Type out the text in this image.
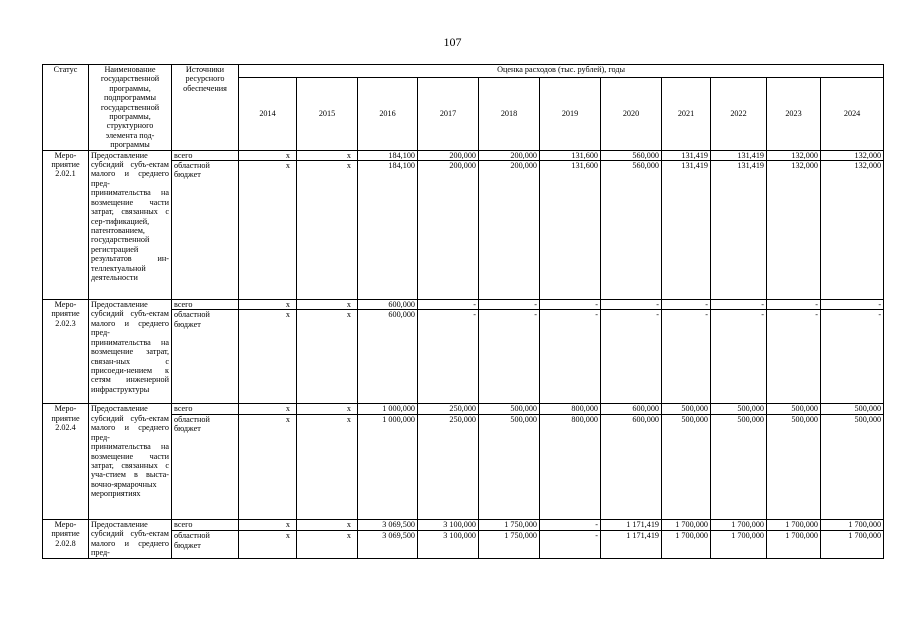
107
Статус	Наименование государственной программы, подпрограммы государственной программы, структурного элемента под-программы	Источники ресурсного обеспечения	Оценка расходов (тыс. рублей), годы										
			2014	2015	2016	2017	2018	2019	2020	2021	2022	2023	2024
Меро-приятие 2.02.1	Предоставление субсидий субъ-ектам малого и среднего пред-принимательства на возмещение части затрат, связанных с сер-тификацией, патентованием, государственной регистрацией результатов ин-теллектуальной деятельности	всего	x	x	184,100	200,000	200,000	131,600	560,000	131,419	131,419	132,000	132,000
		областной бюджет	x	x	184,100	200,000	200,000	131,600	560,000	131,419	131,419	132,000	132,000
Меро-приятие 2.02.3	Предоставление субсидий субъ-ектам малого и среднего пред-принимательства на возмещение затрат, связан-ных с присоеди-нением к сетям инженерной инфраструктуры	всего	x	x	600,000	-	-	-	-	-	-	-	-
		областной бюджет	x	x	600,000	-	-	-	-	-	-	-	-
Меро-приятие 2.02.4	Предоставление субсидий субъ-ектам малого и среднего пред-принимательства на возмещение части затрат, связанных с уча-стием в выста-вочно-ярмарочных мероприятиях	всего	x	x	1 000,000	250,000	500,000	800,000	600,000	500,000	500,000	500,000	500,000
		областной бюджет	x	x	1 000,000	250,000	500,000	800,000	600,000	500,000	500,000	500,000	500,000
Меро-приятие 2.02.8	Предоставление субсидий субъ-ектам малого и среднего пред-	всего	x	x	3 069,500	3 100,000	1 750,000	-	1 171,419	1 700,000	1 700,000	1 700,000	1 700,000
		областной бюджет	x	x	3 069,500	3 100,000	1 750,000	-	1 171,419	1 700,000	1 700,000	1 700,000	1 700,000
